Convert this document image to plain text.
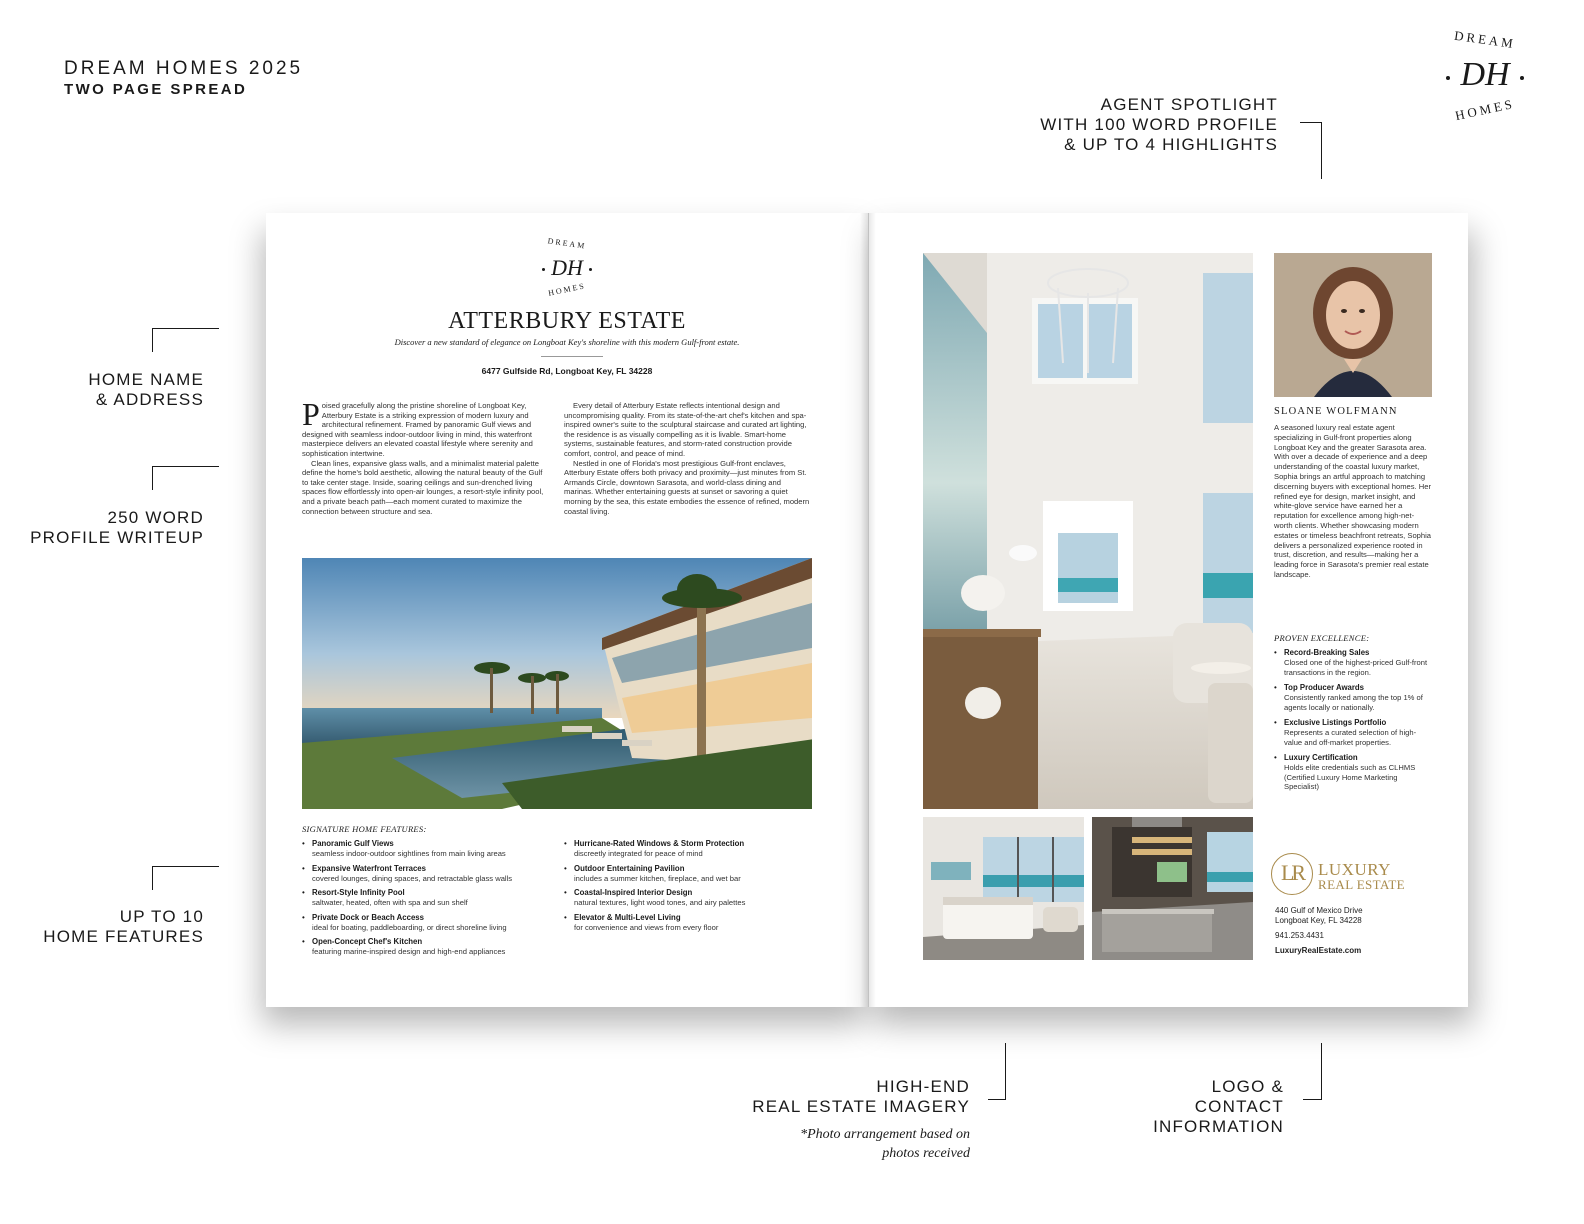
DREAM HOMES 2025
TWO PAGE SPREAD
DREAM
DH
HOMES
AGENT SPOTLIGHT
WITH 100 WORD PROFILE
& UP TO 4 HIGHLIGHTS
HOME NAME
& ADDRESS
250 WORD
PROFILE WRITEUP
UP TO 10
HOME FEATURES
HIGH-END
REAL ESTATE IMAGERY
*Photo arrangement based on
photos received
LOGO &
CONTACT
INFORMATION
DREAM
DH
HOMES
ATTERBURY ESTATE
Discover a new standard of elegance on Longboat Key's shoreline with this modern Gulf-front estate.
6477 Gulfside Rd, Longboat Key, FL 34228

Poised gracefully along the pristine shoreline of Longboat Key, Atterbury Estate is a striking expression of modern luxury and architectural refinement. Framed by panoramic Gulf views and designed with seamless indoor-outdoor living in mind, this waterfront masterpiece delivers an elevated coastal lifestyle where serenity and sophistication intertwine.

Clean lines, expansive glass walls, and a minimalist material palette define the home's bold aesthetic, allowing the natural beauty of the Gulf to take center stage. Inside, soaring ceilings and sun-drenched living spaces flow effortlessly into open-air lounges, a resort-style infinity pool, and a private beach path—each moment curated to maximize the connection between structure and sea.

Every detail of Atterbury Estate reflects intentional design and uncompromising quality. From its state-of-the-art chef's kitchen and spa-inspired owner's suite to the sculptural staircase and curated art lighting, the residence is as visually compelling as it is livable. Smart-home systems, sustainable features, and storm-rated construction provide comfort, control, and peace of mind.

Nestled in one of Florida's most prestigious Gulf-front enclaves, Atterbury Estate offers both privacy and proximity—just minutes from St. Armands Circle, downtown Sarasota, and world-class dining and marinas. Whether entertaining guests at sunset or savoring a quiet morning by the sea, this estate embodies the essence of refined, modern coastal living.

SIGNATURE HOME FEATURES:
• Panoramic Gulf Views
seamless indoor-outdoor sightlines from main living areas
• Expansive Waterfront Terraces
covered lounges, dining spaces, and retractable glass walls
• Resort-Style Infinity Pool
saltwater, heated, often with spa and sun shelf
• Private Dock or Beach Access
ideal for boating, paddleboarding, or direct shoreline living
• Open-Concept Chef's Kitchen
featuring marine-inspired design and high-end appliances
• Hurricane-Rated Windows & Storm Protection
discreetly integrated for peace of mind
• Outdoor Entertaining Pavilion
includes a summer kitchen, fireplace, and wet bar
• Coastal-Inspired Interior Design
natural textures, light wood tones, and airy palettes
• Elevator & Multi-Level Living
for convenience and views from every floor
SLOANE WOLFMANN
A seasoned luxury real estate agent specializing in Gulf-front properties along Longboat Key and the greater Sarasota area. With over a decade of experience and a deep understanding of the coastal luxury market, Sophia brings an artful approach to matching discerning buyers with exceptional homes. Her refined eye for design, market insight, and white-glove service have earned her a reputation for excellence among high-net-worth clients. Whether showcasing modern estates or timeless beachfront retreats, Sophia delivers a personalized experience rooted in trust, discretion, and results—making her a leading force in Sarasota's premier real estate landscape.
PROVEN EXCELLENCE:
• Record-Breaking Sales
Closed one of the highest-priced Gulf-front transactions in the region.
• Top Producer Awards
Consistently ranked among the top 1% of agents locally or nationally.
• Exclusive Listings Portfolio
Represents a curated selection of high-value and off-market properties.
• Luxury Certification
Holds elite credentials such as CLHMS (Certified Luxury Home Marketing Specialist)
LR LUXURY
REAL ESTATE
440 Gulf of Mexico Drive
Longboat Key, FL 34228
941.253.4431
LuxuryRealEstate.com
